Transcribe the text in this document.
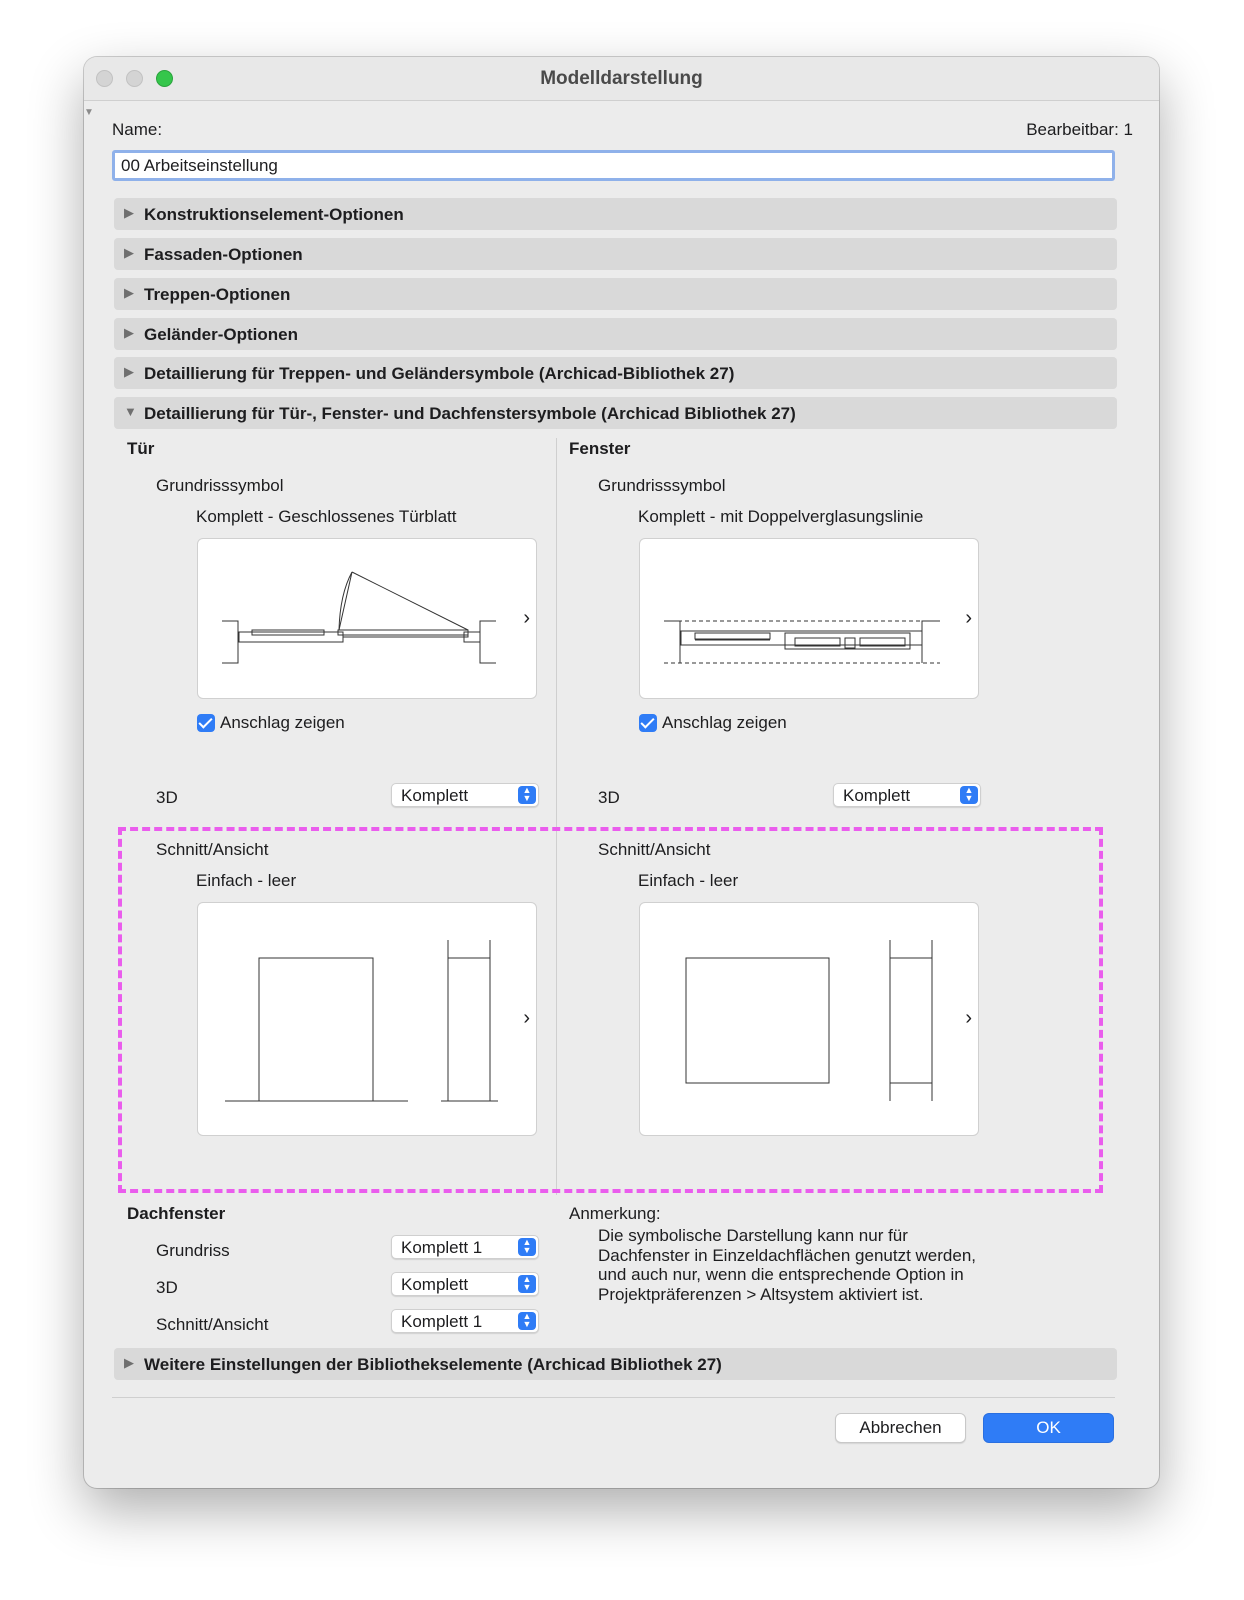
Modelldarstellung
▼
Name:	Bearbeitbar: 1
00 Arbeitseinstellung
▶ Konstruktionselement-Optionen
▶ Fassaden-Optionen
▶ Treppen-Optionen
▶ Geländer-Optionen
▶ Detaillierung für Treppen- und Geländersymbole (Archicad-Bibliothek 27)
▼ Detaillierung für Tür-, Fenster- und Dachfenstersymbole (Archicad Bibliothek 27)
Tür
Grundrisssymbol
Komplett - Geschlossenes Türblatt
›
Anschlag zeigen
3D	Komplett	▲
▼
Fenster
Grundrisssymbol
Komplett - mit Doppelverglasungslinie
›
Anschlag zeigen
3D	Komplett	▲
▼
Schnitt/Ansicht
Einfach - leer
›
Schnitt/Ansicht
Einfach - leer
›
Dachfenster
Grundriss	Komplett 1	▲
▼
3D	Komplett	▲
▼
Schnitt/Ansicht	Komplett 1	▲
▼
Anmerkung:
Die symbolische Darstellung kann nur für Dachfenster in Einzeldachflächen genutzt werden, und auch nur, wenn die entsprechende Option in Projektpräferenzen > Altsystem aktiviert ist.
▶ Weitere Einstellungen der Bibliothekselemente (Archicad Bibliothek 27)
Abbrechen	OK
